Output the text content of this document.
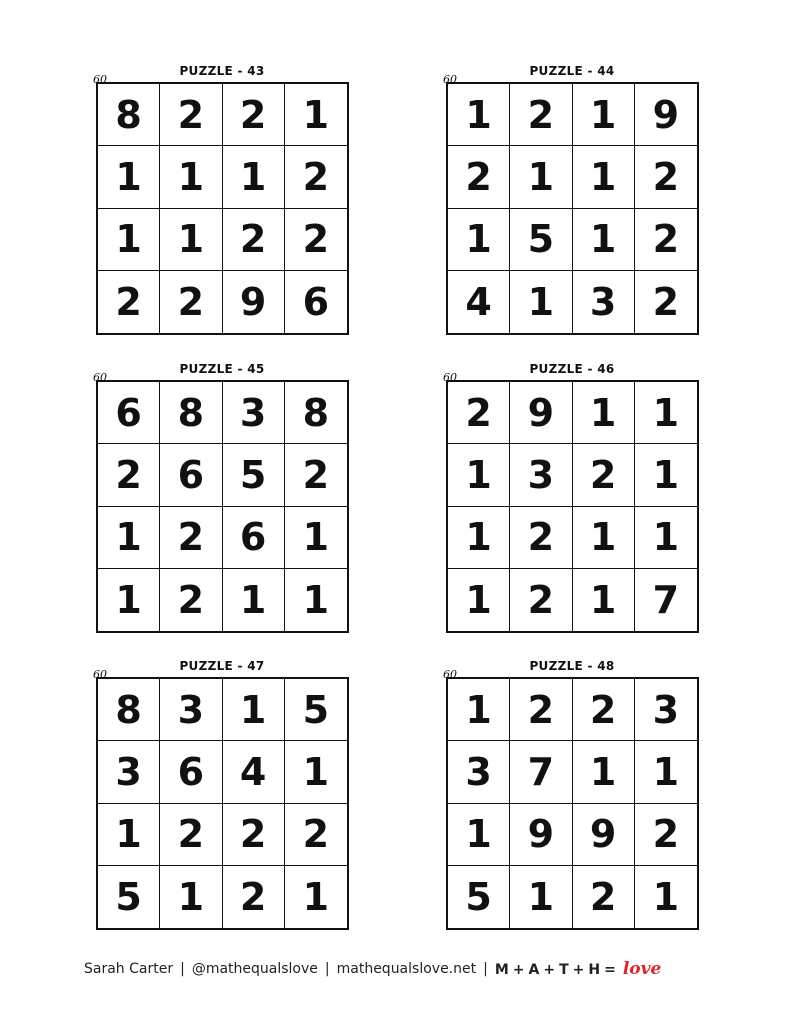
PUZZLE - 43
60
8 2 2 1
1 1 1 2
1 1 2 2
2 2 9 6
PUZZLE - 44
60
1 2 1 9
2 1 1 2
1 5 1 2
4 1 3 2
PUZZLE - 45
60
6 8 3 8
2 6 5 2
1 2 6 1
1 2 1 1
PUZZLE - 46
60
2 9 1 1
1 3 2 1
1 2 1 1
1 2 1 7
PUZZLE - 47
60
8 3 1 5
3 6 4 1
1 2 2 2
5 1 2 1
PUZZLE - 48
60
1 2 2 3
3 7 1 1
1 9 9 2
5 1 2 1
Sarah Carter | @mathequalslove | mathequalslove.net | M + A + T + H = love
